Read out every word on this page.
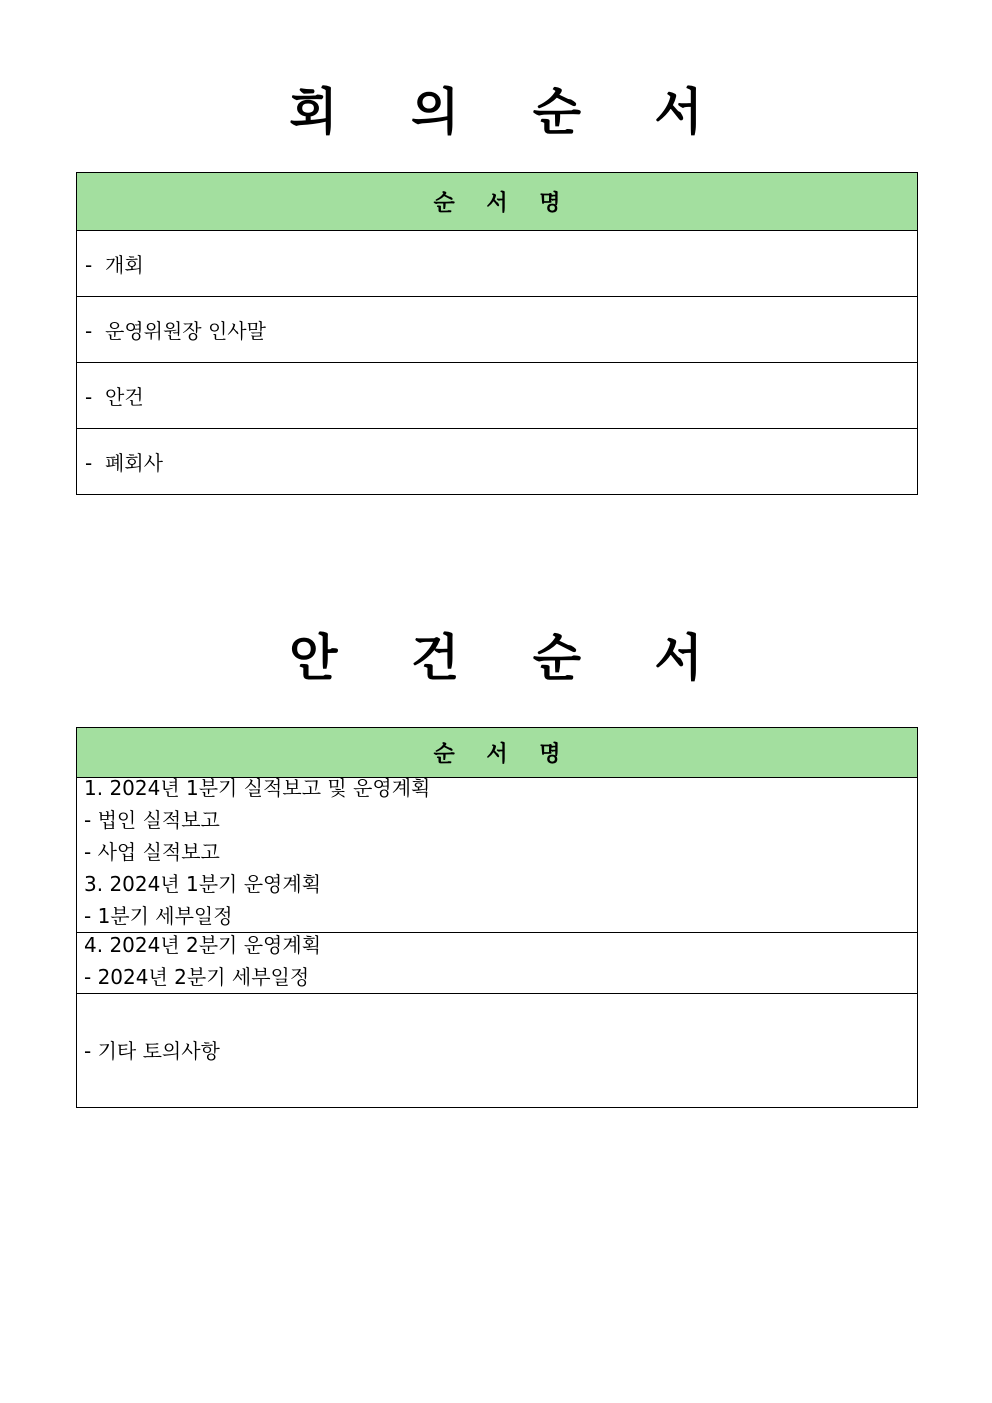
회 의 순 서
순 서 명
- 개회
- 운영위원장 인사말
- 안건
- 폐회사
안 건 순 서
순 서 명

1. 2024년 1분기 실적보고 및 운영계획
- 법인 실적보고
- 사업 실적보고
3. 2024년 1분기 운영계획
- 1분기 세부일정

4. 2024년 2분기 운영계획
- 2024년 2분기 세부일정

- 기타 토의사항
